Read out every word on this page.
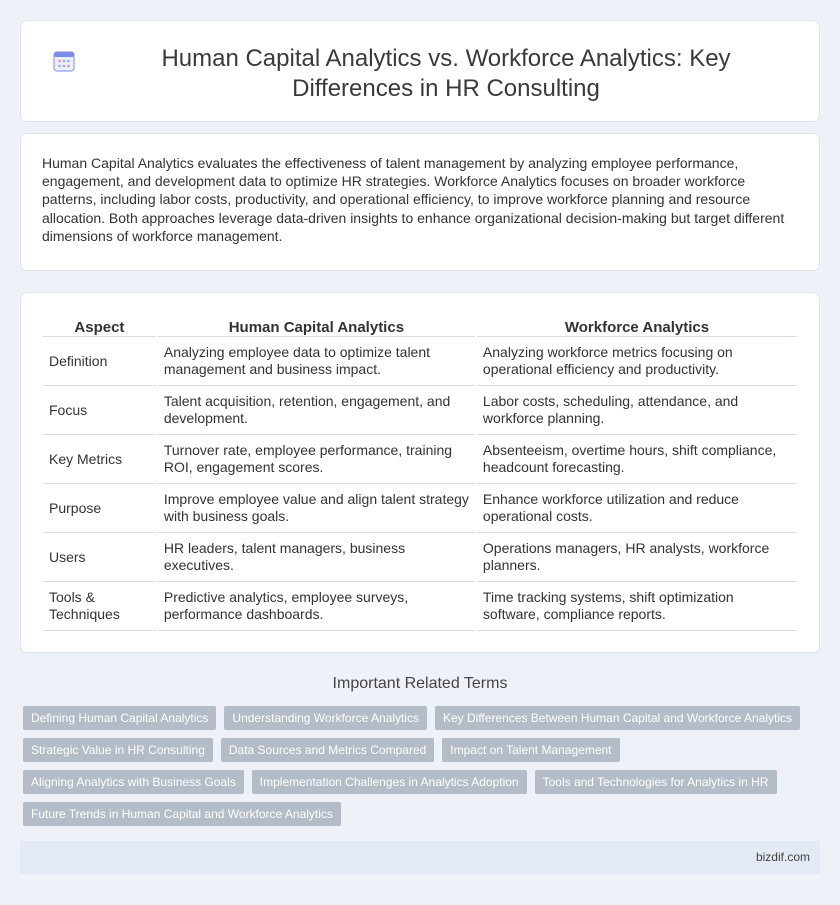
Human Capital Analytics vs. Workforce Analytics: Key Differences in HR Consulting

Human Capital Analytics evaluates the effectiveness of talent management by analyzing employee performance, engagement, and development data to optimize HR strategies. Workforce Analytics focuses on broader workforce patterns, including labor costs, productivity, and operational efficiency, to improve workforce planning and resource allocation. Both approaches leverage data-driven insights to enhance organizational decision-making but target different dimensions of workforce management.

Aspect	Human Capital Analytics	Workforce Analytics
Definition	Analyzing employee data to optimize talent management and business impact.	Analyzing workforce metrics focusing on operational efficiency and productivity.
Focus	Talent acquisition, retention, engagement, and development.	Labor costs, scheduling, attendance, and workforce planning.
Key Metrics	Turnover rate, employee performance, training ROI, engagement scores.	Absenteeism, overtime hours, shift compliance, headcount forecasting.
Purpose	Improve employee value and align talent strategy with business goals.	Enhance workforce utilization and reduce operational costs.
Users	HR leaders, talent managers, business executives.	Operations managers, HR analysts, workforce planners.
Tools & Techniques	Predictive analytics, employee surveys, performance dashboards.	Time tracking systems, shift optimization software, compliance reports.
Important Related Terms
Defining Human Capital Analytics	Understanding Workforce Analytics	Key Differences Between Human Capital and Workforce Analytics
Strategic Value in HR Consulting	Data Sources and Metrics Compared	Impact on Talent Management
Aligning Analytics with Business Goals	Implementation Challenges in Analytics Adoption	Tools and Technologies for Analytics in HR
Future Trends in Human Capital and Workforce Analytics
bizdif.com
